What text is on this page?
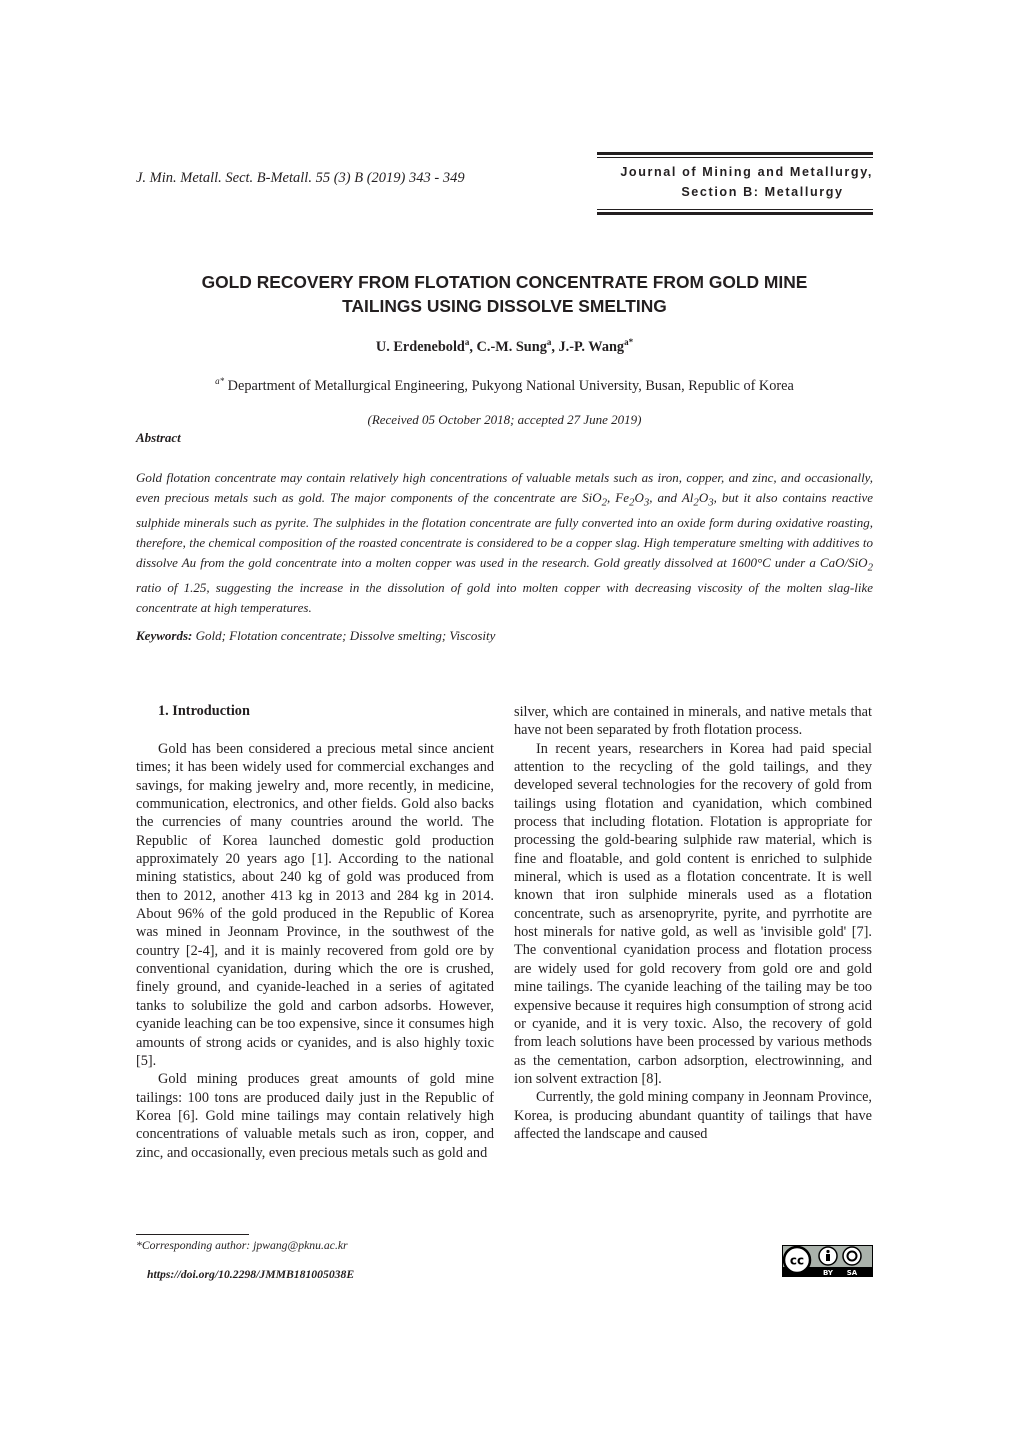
J. Min. Metall. Sect. B-Metall. 55 (3) B (2019) 343 - 349	Journal of Mining and Metallurgy,
Section B: Metallurgy
GOLD RECOVERY FROM FLOTATION CONCENTRATE FROM GOLD MINE
TAILINGS USING DISSOLVE SMELTING
U. Erdenebold$^a$, C.-M. Sung$^a$, J.-P. Wang$^{a*}$
$^{a*}$ Department of Metallurgical Engineering, Pukyong National University, Busan, Republic of Korea
(Received 05 October 2018; accepted 27 June 2019)
Abstract
Gold flotation concentrate may contain relatively high concentrations of valuable metals such as iron, copper, and zinc, and occasionally, even precious metals such as gold. The major components of the concentrate are SiO$_2$, $Fe_2O_3$, and $Al_2O_3$, but it also contains reactive sulphide minerals such as pyrite. The sulphides in the flotation concentrate are fully converted into an oxide form during oxidative roasting, therefore, the chemical composition of the roasted concentrate is considered to be a copper slag. High temperature smelting with additives to dissolve Au from the gold concentrate into a molten copper was used in the research. Gold greatly dissolved at 1600°C under a CaO/SiO$_2$ ratio of 1.25, suggesting the increase in the dissolution of gold into molten copper with decreasing viscosity of the molten slag-like concentrate at high temperatures.
Keywords: Gold; Flotation concentrate; Dissolve smelting; Viscosity
1. Introduction

Gold has been considered a precious metal since ancient times; it has been widely used for commercial exchanges and savings, for making jewelry and, more recently, in medicine, communication, electronics, and other fields. Gold also backs the currencies of many countries around the world. The Republic of Korea launched domestic gold production approximately 20 years ago [1]. According to the national mining statistics, about 240 kg of gold was produced from then to 2012, another 413 kg in 2013 and 284 kg in 2014. About 96% of the gold produced in the Republic of Korea was mined in Jeonnam Province, in the southwest of the country [2-4], and it is mainly recovered from gold ore by conventional cyanidation, during which the ore is crushed, finely ground, and cyanide-leached in a series of agitated tanks to solubilize the gold and carbon adsorbs. However, cyanide leaching can be too expensive, since it consumes high amounts of strong acids or cyanides, and is also highly toxic [5].

Gold mining produces great amounts of gold mine tailings: 100 tons are produced daily just in the Republic of Korea [6]. Gold mine tailings may contain relatively high concentrations of valuable metals such as iron, copper, and zinc, and occasionally, even precious metals such as gold and

silver, which are contained in minerals, and native metals that have not been separated by froth flotation process.

In recent years, researchers in Korea had paid special attention to the recycling of the gold tailings, and they developed several technologies for the recovery of gold from tailings using flotation and cyanidation, which combined process that including flotation. Flotation is appropriate for processing the gold-bearing sulphide raw material, which is fine and floatable, and gold content is enriched to sulphide mineral, which is used as a flotation concentrate. It is well known that iron sulphide minerals used as a flotation concentrate, such as arsenopryrite, pyrite, and pyrrhotite are host minerals for native gold, as well as 'invisible gold' [7]. The conventional cyanidation process and flotation process are widely used for gold recovery from gold ore and gold mine tailings. The cyanide leaching of the tailing may be too expensive because it requires high consumption of strong acid or cyanide, and it is very toxic. Also, the recovery of gold from leach solutions have been processed by various methods as the cementation, carbon adsorption, electrowinning, and ion solvent extraction [8].

Currently, the gold mining company in Jeonnam Province, Korea, is producing abundant quantity of tailings that have affected the landscape and caused

*Corresponding author: jpwang@pknu.ac.kr
https://doi.org/10.2298/JMMB181005038E
cc
BY SA
